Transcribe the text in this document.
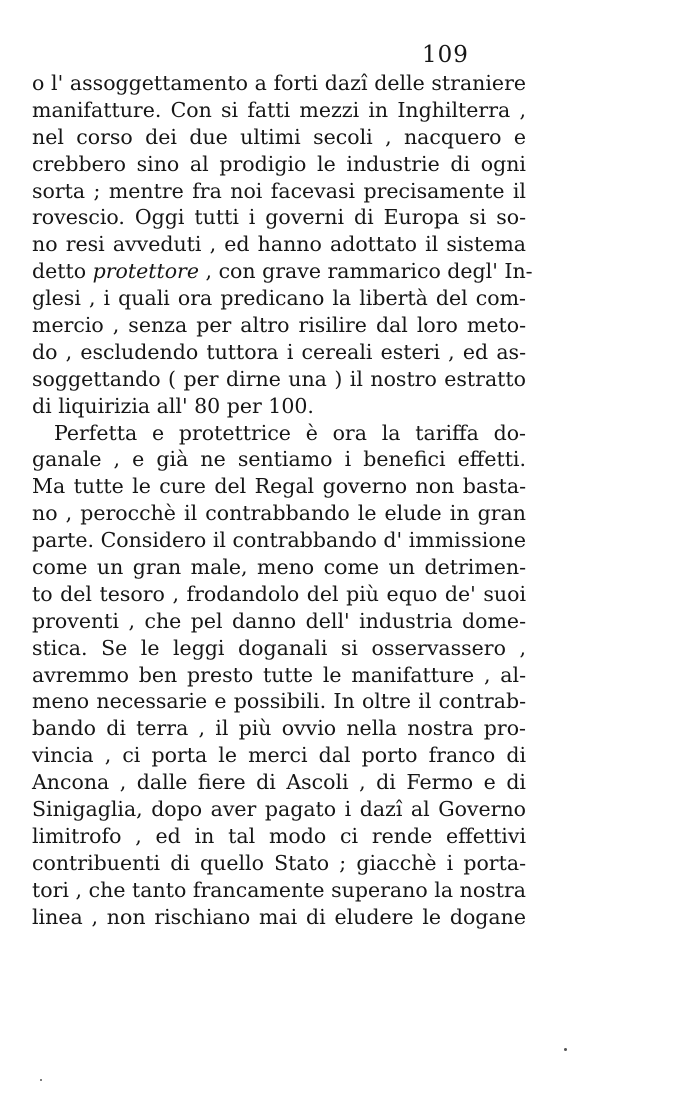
109
o l' assoggettamento a forti dazî delle straniere
manifatture. Con si fatti mezzi in Inghilterra ,
nel corso dei due ultimi secoli , nacquero e
crebbero sino al prodigio le industrie di ogni
sorta ; mentre fra noi facevasi precisamente il
rovescio. Oggi tutti i governi di Europa si so-
no resi avveduti , ed hanno adottato il sistema
detto protettore , con grave rammarico degl' In-
glesi , i quali ora predicano la libertà del com-
mercio , senza per altro risilire dal loro meto-
do , escludendo tuttora i cereali esteri , ed as-
soggettando ( per dirne una ) il nostro estratto
di liquirizia all' 80 per 100.
Perfetta e protettrice è ora la tariffa do-
ganale , e già ne sentiamo i benefici effetti.
Ma tutte le cure del Regal governo non basta-
no , perocchè il contrabbando le elude in gran
parte. Considero il contrabbando d' immissione
come un gran male, meno come un detrimen-
to del tesoro , frodandolo del più equo de' suoi
proventi , che pel danno dell' industria dome-
stica. Se le leggi doganali si osservassero ,
avremmo ben presto tutte le manifatture , al-
meno necessarie e possibili. In oltre il contrab-
bando di terra , il più ovvio nella nostra pro-
vincia , ci porta le merci dal porto franco di
Ancona , dalle fiere di Ascoli , di Fermo e di
Sinigaglia, dopo aver pagato i dazî al Governo
limitrofo , ed in tal modo ci rende effettivi
contribuenti di quello Stato ; giacchè i porta-
tori , che tanto francamente superano la nostra
linea , non rischiano mai di eludere le dogane
